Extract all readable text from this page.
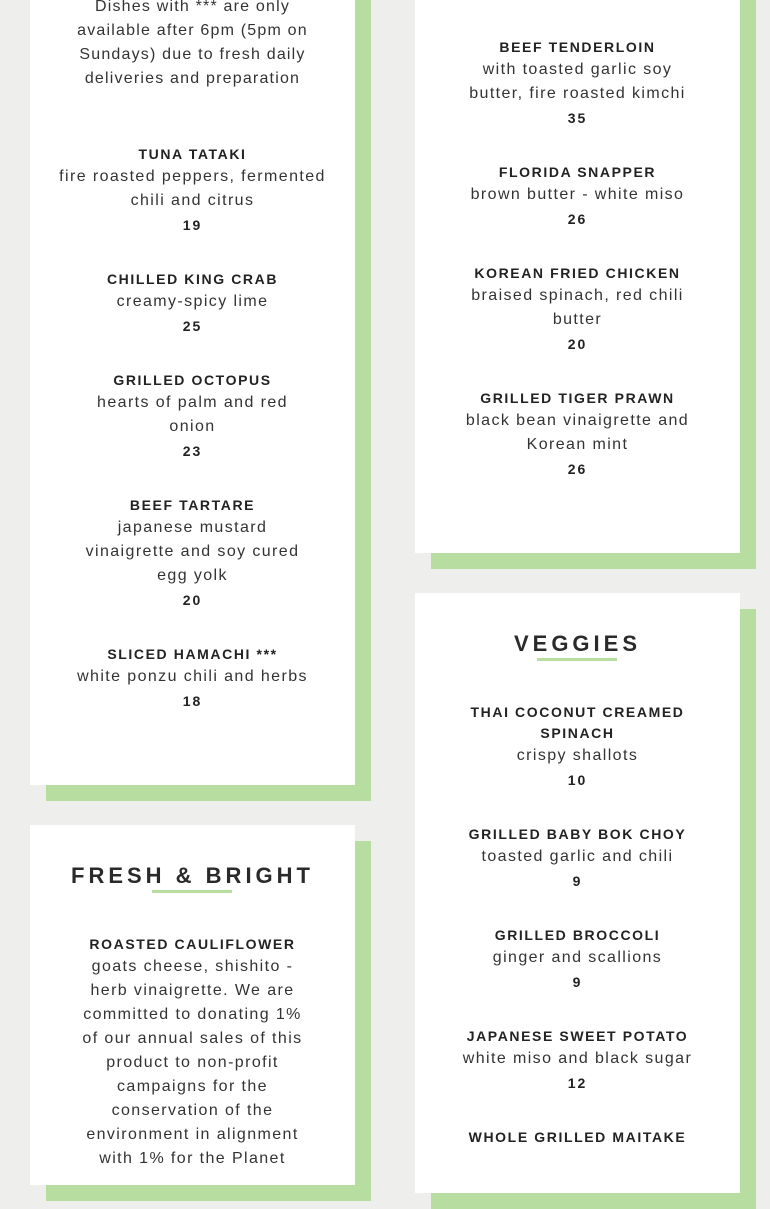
Dishes with *** are only available after 6pm (5pm on Sundays) due to fresh daily deliveries and preparation
TUNA TATAKI
fire roasted peppers, fermented chili and citrus
19
CHILLED KING CRAB
creamy-spicy lime
25
GRILLED OCTOPUS
hearts of palm and red onion
23
BEEF TARTARE
japanese mustard vinaigrette and soy cured egg yolk
20
SLICED HAMACHI ***
white ponzu chili and herbs
18
BEEF TENDERLOIN
with toasted garlic soy butter, fire roasted kimchi
35
FLORIDA SNAPPER
brown butter - white miso
26
KOREAN FRIED CHICKEN
braised spinach, red chili butter
20
GRILLED TIGER PRAWN
black bean vinaigrette and Korean mint
26
FRESH & BRIGHT
ROASTED CAULIFLOWER
goats cheese, shishito - herb vinaigrette. We are committed to donating 1% of our annual sales of this product to non-profit campaigns for the conservation of the environment in alignment with 1% for the Planet
VEGGIES
THAI COCONUT CREAMED SPINACH
crispy shallots
10
GRILLED BABY BOK CHOY
toasted garlic and chili
9
GRILLED BROCCOLI
ginger and scallions
9
JAPANESE SWEET POTATO
white miso and black sugar
12
WHOLE GRILLED MAITAKE
